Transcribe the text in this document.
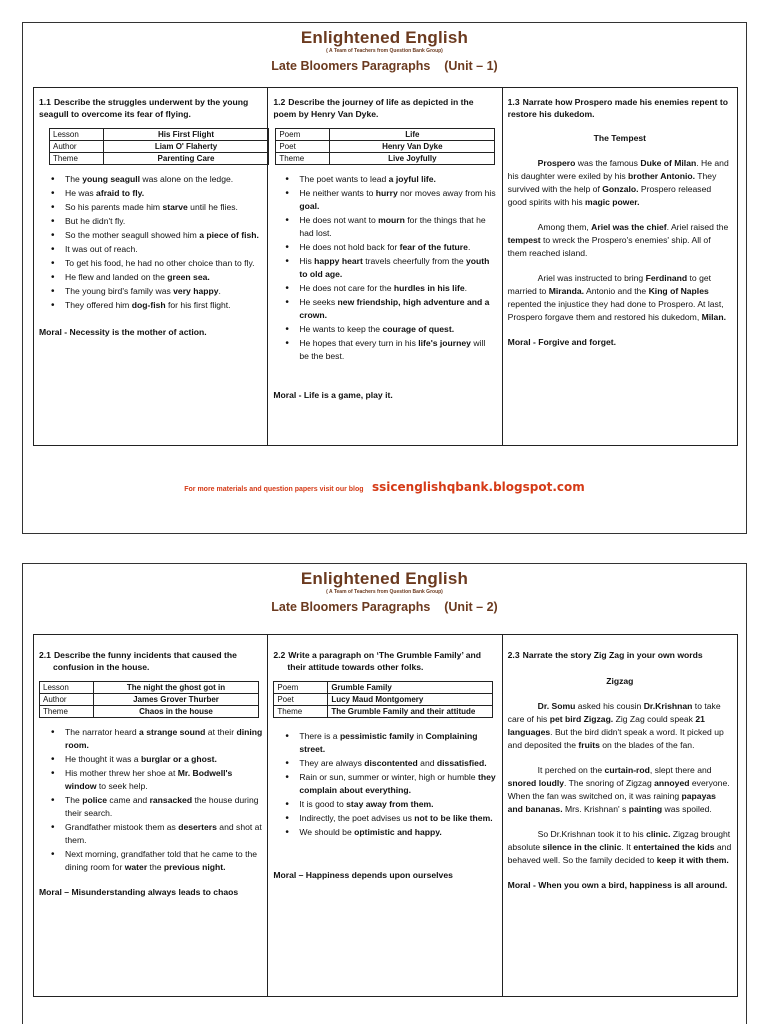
Enlightened English
( A Team of Teachers from Question Bank Group)
Late Bloomers Paragraphs    (Unit – 1)
1.1 Describe the struggles underwent by the young seagull to overcome its fear of flying.
Lesson	His First Flight
Author	Liam O' Flaherty
Theme	Parenting Care
• The young seagull was alone on the ledge.
• He was afraid to fly.
• So his parents made him starve until he flies.
• But he didn't fly.
• So the mother seagull showed him a piece of fish.
• It was out of reach.
• To get his food, he had no other choice than to fly.
• He flew and landed on the green sea.
• The young bird's family was very happy.
• They offered him dog-fish for his first flight.
Moral - Necessity is the mother of action.
1.2 Describe the journey of life as depicted in the poem by Henry Van Dyke.
Poem	Life
Poet	Henry Van Dyke
Theme	Live Joyfully
• The poet wants to lead a joyful life.
• He neither wants to hurry nor moves away from his goal.
• He does not want to mourn for the things that he had lost.
• He does not hold back for fear of the future.
• His happy heart travels cheerfully from the youth to old age.
• He does not care for the hurdles in his life.
• He seeks new friendship, high adventure and a crown.
• He wants to keep the courage of quest.
• He hopes that every turn in his life's journey will be the best.
Moral - Life is a game, play it.
1.3 Narrate how Prospero made his enemies repent to restore his dukedom.
The Tempest
Prospero was the famous Duke of Milan. He and his daughter were exiled by his brother Antonio. They survived with the help of Gonzalo. Prospero released good spirits with his magic power.
Among them, Ariel was the chief. Ariel raised the tempest to wreck the Prospero's enemies' ship. All of them reached island.
Ariel was instructed to bring Ferdinand to get married to Miranda. Antonio and the King of Naples repented the injustice they had done to Prospero. At last, Prospero forgave them and restored his dukedom, Milan.
Moral - Forgive and forget.
For more materials and question papers visit our blog ssicenglishqbank.blogspot.com
Enlightened English
( A Team of Teachers from Question Bank Group)
Late Bloomers Paragraphs    (Unit – 2)
2.1 Describe the funny incidents that caused the confusion in the house.
Lesson	The night the ghost got in
Author	James Grover Thurber
Theme	Chaos in the house
• The narrator heard a strange sound at their dining room.
• He thought it was a burglar or a ghost.
• His mother threw her shoe at Mr. Bodwell's window to seek help.
• The police came and ransacked the house during their search.
• Grandfather mistook them as deserters and shot at them.
• Next morning, grandfather told that he came to the dining room for water the previous night.
Moral – Misunderstanding always leads to chaos
2.2 Write a paragraph on ‘The Grumble Family’ and their attitude towards other folks.
Poem	Grumble Family
Poet	Lucy Maud Montgomery
Theme	The Grumble Family and their attitude
• There is a pessimistic family in Complaining street.
• They are always discontented and dissatisfied.
• Rain or sun, summer or winter, high or humble they complain about everything.
• It is good to stay away from them.
• Indirectly, the poet advises us not to be like them.
• We should be optimistic and happy.
Moral – Happiness depends upon ourselves
2.3 Narrate the story Zig Zag in your own words
Zigzag
Dr. Somu asked his cousin Dr.Krishnan to take care of his pet bird Zigzag. Zig Zag could speak 21 languages. But the bird didn't speak a word. It picked up and deposited the fruits on the blades of the fan.
It perched on the curtain-rod, slept there and snored loudly. The snoring of Zigzag annoyed everyone. When the fan was switched on, it was raining papayas and bananas. Mrs. Krishnan' s painting was spoiled.
So Dr.Krishnan took it to his clinic. Zigzag brought absolute silence in the clinic. It entertained the kids and behaved well. So the family decided to keep it with them.
Moral - When you own a bird, happiness is all around.
